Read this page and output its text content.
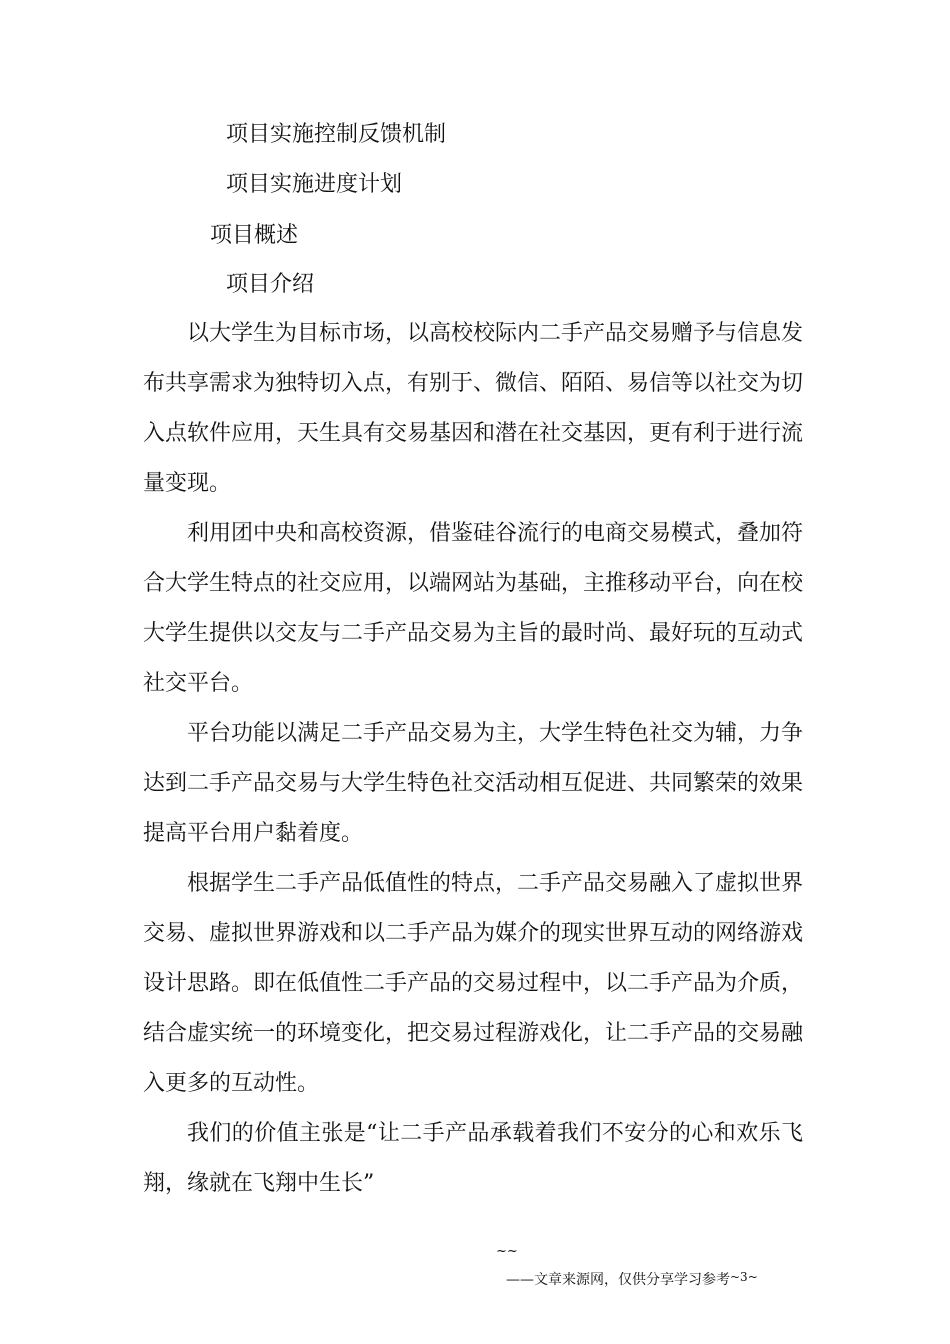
项目实施控制反馈机制
项目实施进度计划
项目概述
项目介绍

以大学生为目标市场，以高校校际内二手产品交易赠予与信息发布共享需求为独特切入点，有别于、微信、陌陌、易信等以社交为切入点软件应用，天生具有交易基因和潜在社交基因，更有利于进行流量变现。

利用团中央和高校资源，借鉴硅谷流行的电商交易模式，叠加符合大学生特点的社交应用，以端网站为基础，主推移动平台，向在校大学生提供以交友与二手产品交易为主旨的最时尚、最好玩的互动式社交平台。

平台功能以满足二手产品交易为主，大学生特色社交为辅，力争达到二手产品交易与大学生特色社交活动相互促进、共同繁荣的效果提高平台用户黏着度。

根据学生二手产品低值性的特点，二手产品交易融入了虚拟世界交易、虚拟世界游戏和以二手产品为媒介的现实世界互动的网络游戏设计思路。即在低值性二手产品的交易过程中，以二手产品为介质，结合虚实统一的环境变化，把交易过程游戏化，让二手产品的交易融入更多的互动性。

我们的价值主张是“让二手产品承载着我们不安分的心和欢乐飞翔，缘就在飞翔中生长”

~~
——文章来源网，仅供分享学习参考~3~
